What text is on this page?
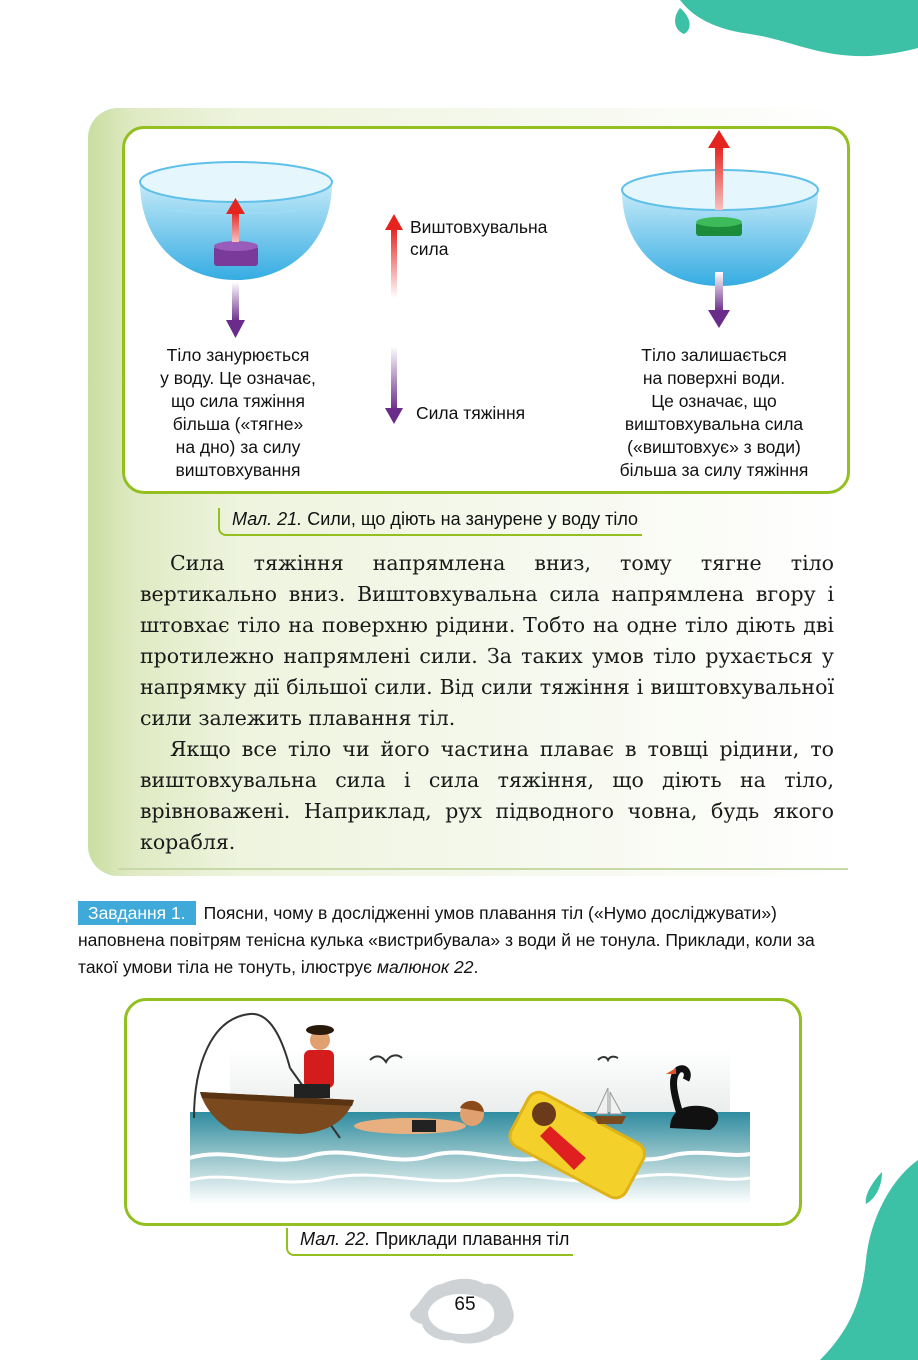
Виштовхувальна
сила
Сила тяжіння
Тіло занурюється
у воду. Це означає,
що сила тяжіння
більша («тягне»
на дно) за силу
виштовхування
Тіло залишається
на поверхні води.
Це означає, що
виштовхувальна сила
(«виштовхує» з води)
більша за силу тяжіння
Мал. 21. Сили, що діють на занурене у воду тіло

Сила тяжіння напрямлена вниз, тому тягне тіло вертикально вниз. Виштовхувальна сила напрямлена вгору і штовхає тіло на поверхню рідини. Тобто на одне тіло діють дві протилежно напрямлені сили. За таких умов тіло рухається у напрямку дії більшої сили. Від сили тяжіння і виштовхувальної сили залежить плавання тіл.

Якщо все тіло чи його частина плаває в товщі рідини, то виштовхувальна сила і сила тяжіння, що діють на тіло, врівноважені. Наприклад, рух підводного човна, будь якого корабля.

Завдання 1. Поясни, чому в дослідженні умов плавання тіл («Нумо досліджувати») наповнена повітрям тенісна кулька «вистрибувала» з води й не тонула. Приклади, коли за такої умови тіла не тонуть, ілюструє малюнок 22.
Мал. 22. Приклади плавання тіл
65
